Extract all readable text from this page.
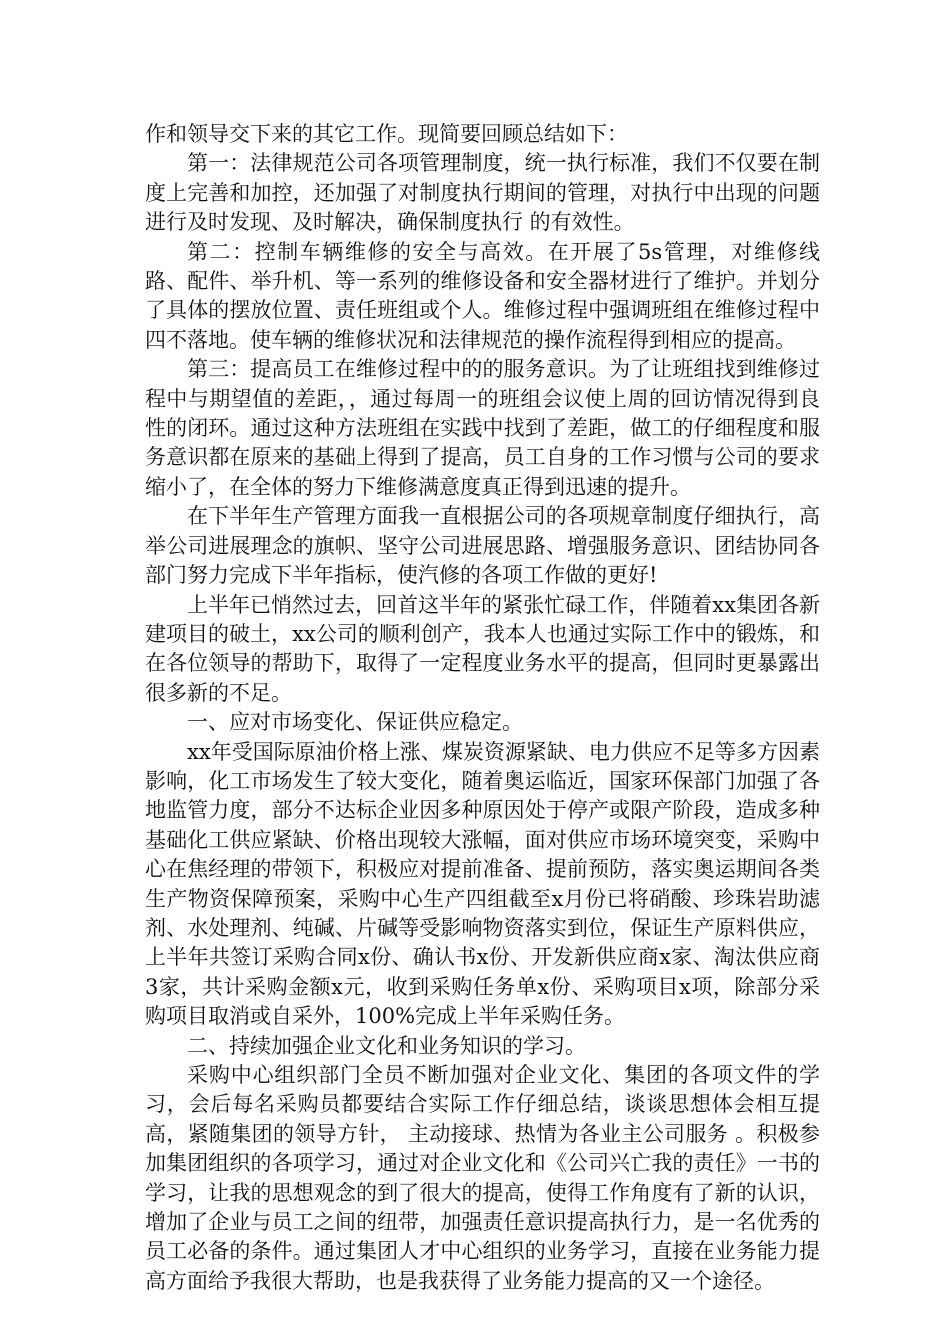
作和领导交下来的其它工作。现简要回顾总结如下：

第一：法律规范公司各项管理制度，统一执行标准，我们不仅要在制度上完善和加控，还加强了对制度执行期间的管理，对执行中出现的问题进行及时发现、及时解决，确保制度执行 的有效性。

第二：控制车辆维修的安全与高效。在开展了5s管理，对维修线路、配件、举升机、等一系列的维修设备和安全器材进行了维护。并划分了具体的摆放位置、责任班组或个人。维修过程中强调班组在维修过程中四不落地。使车辆的维修状况和法律规范的操作流程得到相应的提高。

第三：提高员工在维修过程中的的服务意识。为了让班组找到维修过程中与期望值的差距，，通过每周一的班组会议使上周的回访情况得到良性的闭环。通过这种方法班组在实践中找到了差距，做工的仔细程度和服务意识都在原来的基础上得到了提高，员工自身的工作习惯与公司的要求缩小了，在全体的努力下维修满意度真正得到迅速的提升。

在下半年生产管理方面我一直根据公司的各项规章制度仔细执行，高举公司进展理念的旗帜、坚守公司进展思路、增强服务意识、团结协同各部门努力完成下半年指标，使汽修的各项工作做的更好!

上半年已悄然过去，回首这半年的紧张忙碌工作，伴随着xx集团各新建项目的破土，xx公司的顺利创产，我本人也通过实际工作中的锻炼，和在各位领导的帮助下，取得了一定程度业务水平的提高，但同时更暴露出很多新的不足。

一、应对市场变化、保证供应稳定。

xx年受国际原油价格上涨、煤炭资源紧缺、电力供应不足等多方因素影响，化工市场发生了较大变化，随着奥运临近，国家环保部门加强了各地监管力度，部分不达标企业因多种原因处于停产或限产阶段，造成多种基础化工供应紧缺、价格出现较大涨幅，面对供应市场环境突变，采购中心在焦经理的带领下，积极应对提前准备、提前预防，落实奥运期间各类生产物资保障预案，采购中心生产四组截至x月份已将硝酸、珍珠岩助滤剂、水处理剂、纯碱、片碱等受影响物资落实到位，保证生产原料供应，上半年共签订采购合同x份、确认书x份、开发新供应商x家、淘汰供应商3家，共计采购金额x元，收到采购任务单x份、采购项目x项，除部分采购项目取消或自采外，100%完成上半年采购任务。

二、持续加强企业文化和业务知识的学习。

采购中心组织部门全员不断加强对企业文化、集团的各项文件的学习，会后每名采购员都要结合实际工作仔细总结，谈谈思想体会相互提高，紧随集团的领导方针， 主动接球、热情为各业主公司服务 。积极参加集团组织的各项学习，通过对企业文化和《公司兴亡我的责任》一书的学习，让我的思想观念的到了很大的提高，使得工作角度有了新的认识，增加了企业与员工之间的纽带，加强责任意识提高执行力，是一名优秀的员工必备的条件。通过集团人才中心组织的业务学习，直接在业务能力提高方面给予我很大帮助，也是我获得了业务能力提高的又一个途径。
